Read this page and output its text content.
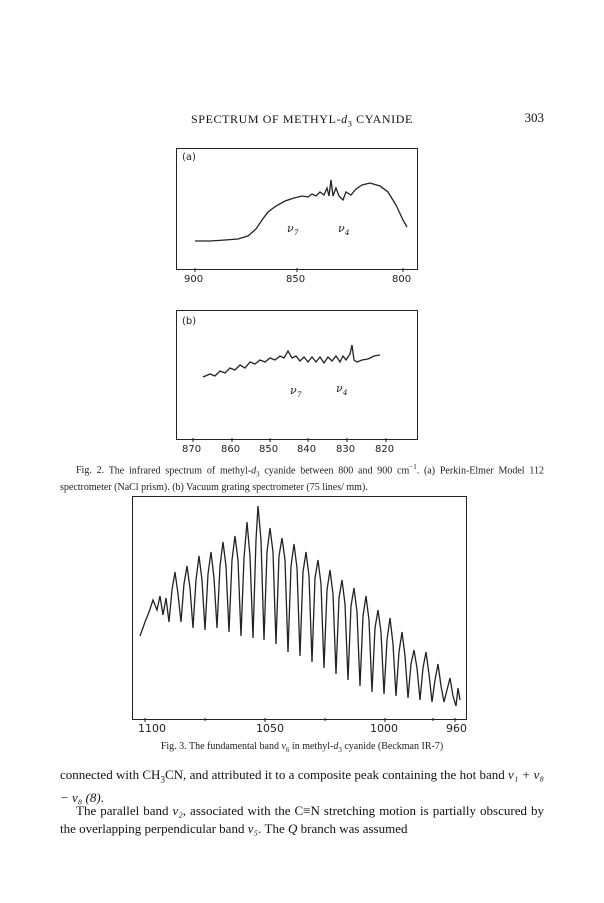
SPECTRUM OF METHYL-$d_3$ CYANIDE	303
(a)
$\nu_7$	$\nu_4$
900	850	800
(b)
$\nu_7$	$\nu_4$
870 860 850 840 830 820
Fig. 2. The infrared spectrum of methyl-$d_3$ cyanide between 800 and 900 $cm^{-1}$. (a) Perkin-Elmer Model 112 spectrometer (NaCl prism). (b) Vacuum grating spectrometer (75 lines/ mm).
1100	1050	1000	960
Fig. 3. The fundamental band $\nu_6$ in methyl-$d_3$ cyanide (Beckman IR-7)
connected with $CH_3CN$, and attributed it to a composite peak containing the hot band ν₁ + ν₈ − ν₈ (8).
The parallel band ν₂, associated with the C≡N stretching motion is partially obscured by the overlapping perpendicular band ν₅. The Q branch was assumed
